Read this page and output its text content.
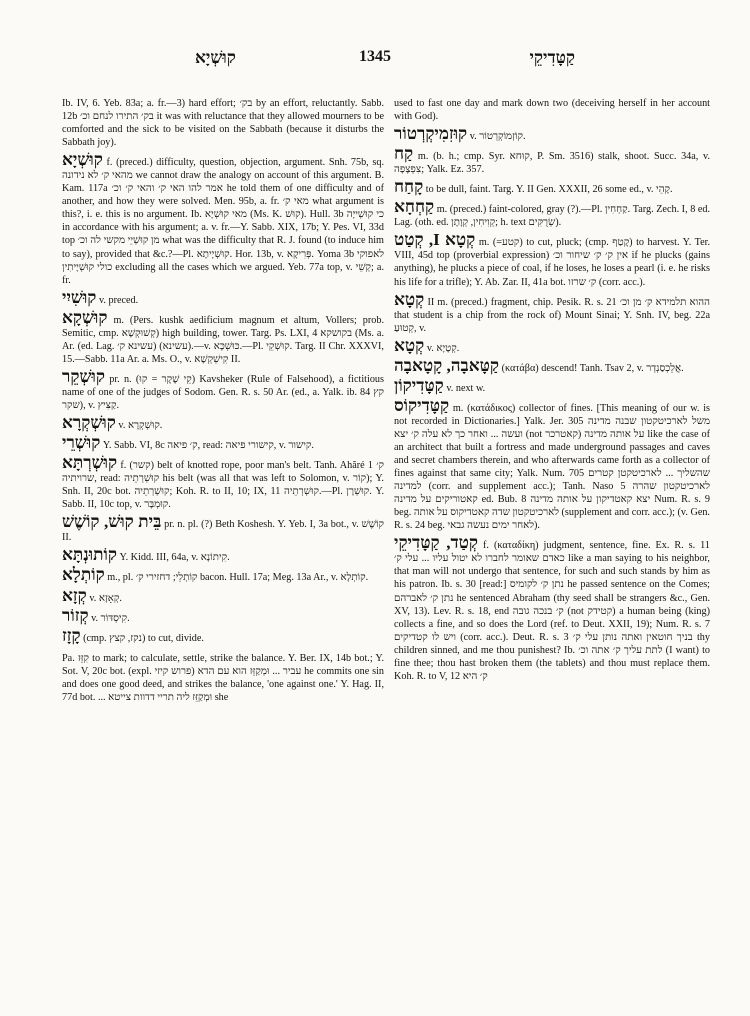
קוּשְׁיָא	1345	קַטָּדִיקֵי

Ib. IV, 6. Yeb. 83a; a. fr.—3) hard effort; בק׳ by an effort, reluctantly. Sabb. 12b בק׳ התירו לנחם וכ׳ it was with reluctance that they allowed mourners to be comforted and the sick to be visited on the Sabbath (because it disturbs the Sabbath joy).

קוּשְׁיָא f. (preced.) difficulty, question, objection, argument. Snh. 75b, sq. מהאי ק׳ לא נידונה we cannot draw the analogy on account of this argument. B. Kam. 117a אמר להו האי ק׳ והאי ק׳ וכ׳ he told them of one difficulty and of another, and how they were solved. Men. 95b, a. fr. מאי ק׳ what argument is this?, i. e. this is no argument. Ib. מאי קוּשְׁיָא (Ms. K. קוּשׁ). Hull. 3b כי קוּשְׁייָה in accordance with his argument; a. v. fr.—Y. Sabb. XIX, 17b; Y. Pes. VI, 33d top מן קוּשְׁיֵי מקשי לה וכ׳ what was the difficulty that R. J. found (to induce him to say), provided that &c.?—Pl. קוּשְׁיָיתָא. Hor. 13b, v. פְּרִיקָא. Yoma 3b לאפוקי כולי קוּשְׁיָיתִין excluding all the cases which we argued. Yeb. 77a top, v. קְשֵׁי; a. fr.

קוּשִׁיִי v. preced.

קוּשְׁקָא m. (Pers. kushk aedificium magnum et altum, Vollers; prob. Semitic, cmp. קְשׁוּקְשָׁא) high building, tower. Targ. Ps. LXI, 4 בקושקא (Ms. a. Ar. (ed. Lag. עשינא ק׳) (עשינא).—v. כּוּשְׁכָּא.—Pl. קוּשְׁקֵי. Targ. II Chr. XXXVI, 15.—Sabb. 11a Ar. a. Ms. O., v. קִישְׁקְשָׁא II.

קוּשְׁקֵר pr. n. (קֵי שֶׁקֶר = קוּ) Kavsheker (Rule of Falsehood), a fictitious name of one of the judges of Sodom. Gen. R. s. 50 Ar. (ed., a. Yalk. ib. 84 קץ שקר), v. קַצִּיץ.

קוּשְׁקְרָא v. קוּשְׁקְרָא.

קוּשְׁרֵי Y. Sabb. VI, 8c ק׳ פיאה, read: קישורי פיאה, v. קישור.

קוּשְׁרְתָּא f. (קשר) belt of knotted rope, poor man's belt. Tanh. Ahăré 1 ק׳ שרויתיה, read: קוּשְׁרְתֵיה his belt (was all that was left to Solomon, v. קוֹר); Y. Snh. II, 20c bot. קוּשְׁרְתֵיה; Koh. R. to II, 10; IX, 11 קוּשְׁרְתֵיה.—Pl. קוּשְׁרָן. Y. Sabb. II, 10c top, v. קוּמְבָּר.

בֵּית קוּשׁ, קוֹשֶׁשׁ pr. n. pl. (?) Beth Koshesh. Y. Yeb. I, 3a bot., v. קוֹשֶׁשׁ II.

קוֹתוּנְתָּא Y. Kidd. III, 64a, v. קִיתוֹנָא.

קוֹתְלָא m., pl. קוֹתְלֵי; דחזירי ק׳ bacon. Hull. 17a; Meg. 13a Ar., v. קוֹתְלָא.

קְזָא v. קְאָזָא.

קְזוֹר v. קִיסְדּוֹר.

קָזָז (cmp. נקז, קצץ) to cut, divide.

Pa. קִזֵּז to mark; to calculate, settle, strike the balance. Y. Ber. IX, 14b bot.; Y. Sot. V, 20c bot. (expl. פרוש קיזי) עביר ... וּמְקַזֵּז הוא עם הדא he commits one sin and does one good deed, and strikes the balance, 'one against one.' Y. Hag. II, 77d bot. ... וּמְקַזֵּז ליה תריי דדוות צייטא she

used to fast one day and mark down two (deceiving herself in her account with God).

קוּזִמִיקְרְטוֹר v. קוֹזְמוֹקְרְטוֹר.

קַח m. (b. h.; cmp. Syr. קוּחא, P. Sm. 3516) stalk, shoot. Succ. 34a, v. צִפְצָפָה; Yalk. Ez. 357.

קָחַח to be dull, faint. Targ. Y. II Gen. XXXII, 26 some ed., v. קָהֵי.

קַחְחָא m. (preced.) faint-colored, gray (?).—Pl. קַחְחִין. Targ. Zech. I, 8 ed. Lag. (oth. ed. קְוִיחִין, קְוָתָן; h. text שְׂרֻקִּים).

קְטָא I, קְטַט m. (=קטע) to cut, pluck; (cmp. קָטַף) to harvest. Y. Ter. VIII, 45d top (proverbial expression) אין ק׳ ק׳ שיחור וכ׳ if he plucks (gains anything), he plucks a piece of coal, if he loses, he loses a pearl (i. e. he risks his life for a trifle); Y. Ab. Zar. II, 41a bot. ק׳ שרזו (corr. acc.).

קְטָא II m. (preced.) fragment, chip. Pesik. R. s. 21 ההוא תלמידא ק׳ מן וכ׳ that student is a chip from the rock of) Mount Sinai; Y. Snh. IV, beg. 22a קְטוּעַ, v.

קְטָא v. קְטָיָא.

קַטָּאבָה, קָטָאבָה (κατάβα) descend! Tanh. Tsav 2, v. אֲלֵכְסַנְדְר.

קַטָּדִיקוֹן v. next w.

קַטָּדִיקוֹס m. (κατάδικος) collector of fines. [This meaning of our w. is not recorded in Dictionaries.] Yalk. Jer. 305 משל לארכיטקטון שבנה מדינה ועשה ... ואחר כך לא עלה ק׳ יצא (not קאטרכר) על אותה מדינה like the case of an architect that built a fortress and made underground passages and caves and secret chambers therein, and who afterwards came forth as a collector of fines against that same city; Yalk. Num. 705 שהשליך ... לארכיטקטן קטרים למדינה (corr. and supplement acc.); Tanh. Naso 5 לארכיטקטון שהרה קאטוריקים על מדינה ed. Bub. 8 יצא קאטדיקון על אותה מדינה Num. R. s. 9 beg. לארכיטקטון שדה קאטדיקוס על אותה (supplement and corr. acc.); (v. Gen. R. s. 24 beg. לאחר ימים נעשה גבאי).

קְטַד, קַטָּדִיקֵי f. (καταδίκη) judgment, sentence, fine. Ex. R. s. 11 כאדם שאומר לחברו לא יטול עליו ... עלי ק׳ like a man saying to his neighbor, that man will not undergo that sentence, for such and such stands by him as his patron. Ib. s. 30 [read:] נתן ק׳ לקומיס he passed sentence on the Comes; נתן ק׳ לאברהם he sentenced Abraham (thy seed shall be strangers &c., Gen. XV, 13). Lev. R. s. 18, end ק׳ בנכה גובה (not קטידק) a human being (king) collects a fine, and so does the Lord (ref. to Deut. XXII, 19); Num. R. s. 7 ויש לו קטדיקים (corr. acc.). Deut. R. s. 3 בניך חוטאין ואתה נותן עלי ק׳ thy children sinned, and me thou punishest? Ib. לתת עליך ק׳ אתה וכ׳ (I want) to fine thee; thou hast broken them (the tablets) and thou must replace them. Koh. R. to V, 12 ק׳ היא
